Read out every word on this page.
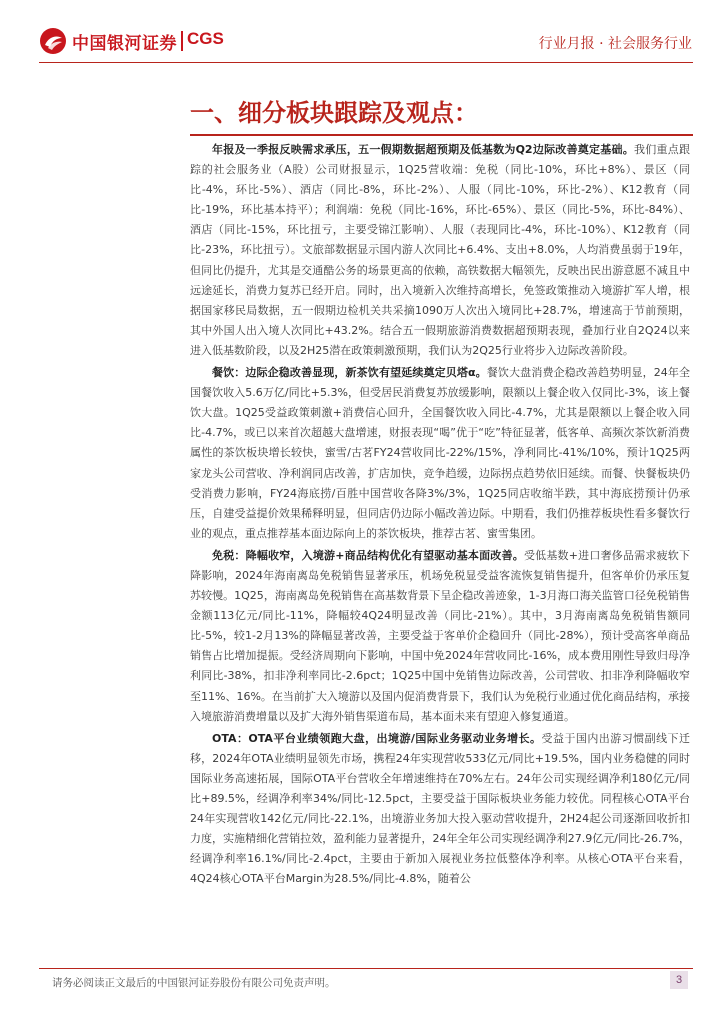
中国银河证券 CGS	行业月报 · 社会服务行业
一、细分板块跟踪及观点：

年报及一季报反映需求承压，五一假期数据超预期及低基数为Q2边际改善奠定基础。我们重点跟踪的社会服务业（A股）公司财报显示，1Q25营收端：免税（同比-10%，环比+8%）、景区（同比-4%，环比-5%）、酒店（同比-8%，环比-2%）、人服（同比-10%，环比-2%）、K12教育（同比-19%，环比基本持平）；利润端：免税（同比-16%，环比-65%）、景区（同比-5%，环比-84%）、酒店（同比-15%，环比扭亏，主要受锦江影响）、人服（表现同比-4%，环比-10%）、K12教育（同比-23%，环比扭亏）。文旅部数据显示国内游人次同比+6.4%、支出+8.0%，人均消费虽弱于19年，但同比仍提升，尤其是交通酷公务的场景更高的依赖，高铁数据大幅领先，反映出民出游意愿不减且中远途延长，消费力复苏已经开启。同时，出入境新入次维持高增长，免签政策推动入境游扩军人增，根据国家移民局数据，五一假期边检机关共采摘1090万人次出入境同比+28.7%，增速高于节前预期，其中外国人出入境人次同比+43.2%。结合五一假期旅游消费数据超预期表现，叠加行业自2Q24以来进入低基数阶段，以及2H25潜在政策刺激预期，我们认为2Q25行业将步入边际改善阶段。

餐饮：边际企稳改善显现，新茶饮有望延续奠定贝塔α。餐饮大盘消费企稳改善趋势明显，24年全国餐饮收入5.6万亿/同比+5.3%，但受居民消费复苏放缓影响，限额以上餐企收入仅同比-3%，该上餐饮大盘。1Q25受益政策刺激+消费信心回升，全国餐饮收入同比-4.7%，尤其是限额以上餐企收入同比-4.7%，或已以来首次超越大盘增速，财报表现“喝”优于“吃”特征显著，低客单、高频次茶饮新消费属性的茶饮板块增长较快，蜜雪/古茗FY24营收同比-22%/15%，净利同比-41%/10%，预计1Q25两家龙头公司营收、净利润同店改善，扩店加快，竞争趋缓，边际拐点趋势依旧延续。而餐、快餐板块仍受消费力影响，FY24海底捞/百胜中国营收各降3%/3%，1Q25同店收缩半跌，其中海底捞预计仍承压，自建受益提价效果稀释明显，但同店仍边际小幅改善边际。中期看，我们仍推荐板块性看多餐饮行业的观点，重点推荐基本面边际向上的茶饮板块，推荐古茗、蜜雪集团。

免税：降幅收窄，入境游+商品结构优化有望驱动基本面改善。受低基数+进口奢侈品需求疲软下降影响，2024年海南离岛免税销售显著承压，机场免税显受益客流恢复销售提升，但客单价仍承压复苏较慢。1Q25，海南离岛免税销售在高基数背景下呈企稳改善迹象，1-3月海口海关监管口径免税销售金额113亿元/同比-11%，降幅较4Q24明显改善（同比-21%）。其中，3月海南离岛免税销售额同比-5%，较1-2月13%的降幅显著改善，主要受益于客单价企稳回升（同比-28%），预计受高客单商品销售占比增加提振。受经济周期向下影响，中国中免2024年营收同比-16%，成本费用刚性导致归母净利同比-38%，扣非净利率同比-2.6pct；1Q25中国中免销售边际改善，公司营收、扣非净利降幅收窄至11%、16%。在当前扩大入境游以及国内促消费背景下，我们认为免税行业通过优化商品结构，承接入境旅游消费增量以及扩大海外销售渠道布局，基本面未来有望迎入修复通道。

OTA：OTA平台业绩领跑大盘，出境游/国际业务驱动业务增长。受益于国内出游习惯副线下迁移，2024年OTA业绩明显领先市场，携程24年实现营收533亿元/同比+19.5%，国内业务稳健的同时国际业务高速拓展，国际OTA平台营收全年增速维持在70%左右。24年公司实现经调净利180亿元/同比+89.5%，经调净利率34%/同比-12.5pct，主要受益于国际板块业务能力较优。同程核心OTA平台24年实现营收142亿元/同比-22.1%，出境游业务加大投入驱动营收提升，2H24起公司逐渐回收折扣力度，实施精细化营销拉效，盈利能力显著提升，24年全年公司实现经调净利27.9亿元/同比-26.7%，经调净利率16.1%/同比-2.4pct，主要由于新加入展视业务拉低整体净利率。从核心OTA平台来看，4Q24核心OTA平台Margin为28.5%/同比-4.8%，随着公

请务必阅读正文最后的中国银河证券股份有限公司免责声明。	3
